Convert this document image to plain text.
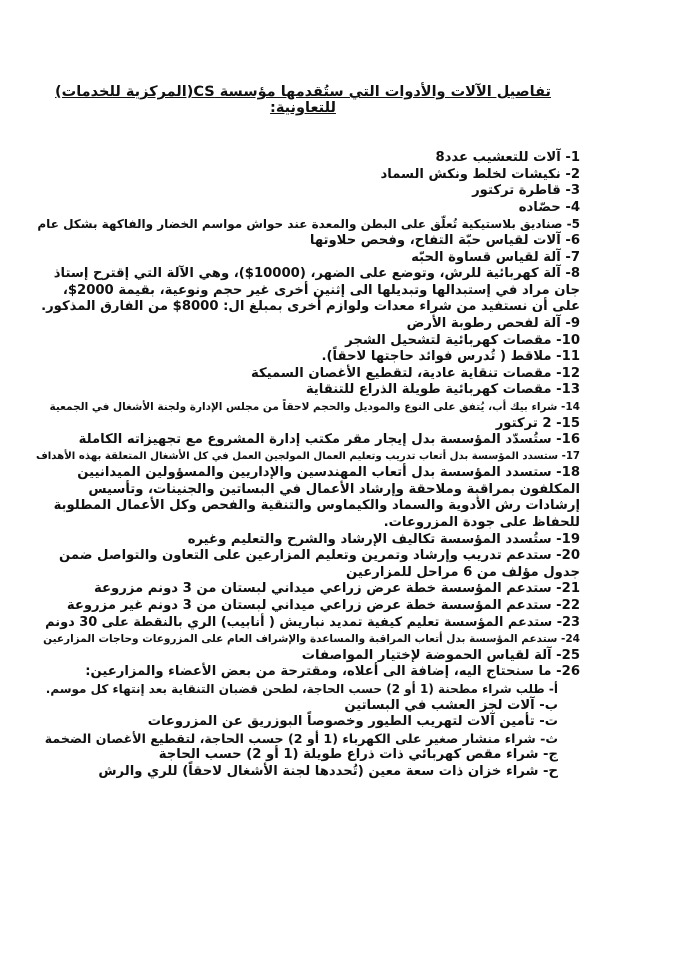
تفاصيل الآلات والأدوات التي ستُقدمها مؤسسة CS(المركزية للخدمات) للتعاونية:
1- آلات للتعشيب عدد8
2- نكيشات لخلط ونكش السماد
3- قاطرة تركتور
4- حصّاده
5- صناديق بلاستيكية تُعلّق على البطن والمعدة عند حواش مواسم الخضار والفاكهة بشكل عام
6- آلات لقياس حبّة التفاح، وفحص حلاوتها
7- آلة لقياس قساوة الحبّه
8- آلة كهربائية للرش، وتوضع على الضهر، (10000$)، وهي الآلة التي إقترح إستاذ جان مراد في إستبدالها وتبديلها الى إثنين أخرى غير حجم ونوعية، بقيمة 2000$، على أن نستفيد من شراء معدات ولوازم أخرى بمبلغ ال: 8000$ من الفارق المذكور.
9- آلة لفحص رطوبة الأرض
10- مقصات كهربائية لتشحيل الشجر
11- ملاقط ( تُدرس فوائد حاجتها لاحقاً).
12- مقصات تنقاية عادية، لتقطيع الأغصان السميكة
13- مقصات كهربائية طويلة الذراع للتنقاية
14- شراء بيك أب، يُتفق على النوع والموديل والحجم لاحقاً من مجلس الإدارة ولجنة الأشغال في الجمعية
15- 2 تركتور
16- ستُسدّد المؤسسة بدل إيجار مقر مكتب إدارة المشروع مع تجهيزاته الكاملة
17- ستسدد المؤسسة بدل أتعاب تدريب وتعليم العمال المولجين العمل في كل الأشغال المتعلقة بهذه الأهداف
18- ستسدد المؤسسة بدل أتعاب المهندسين والإداريين والمسؤولين الميدانيين المكلفون بمراقبة وملاحقة وإرشاد الأعمال في البساتين والجنينات، وتأسيس إرشادات رش الأدوية والسماد والكيماوس والتنقية والفحص وكل الأعمال المطلوبة للحفاظ على جودة المزروعات.
19- ستُسدد المؤسسة تكاليف الإرشاد والشرح والتعليم وغيره
20- ستدعم تدريب وإرشاد وتمرين وتعليم المزارعين على التعاون والتواصل ضمن جدول مؤلف من 6 مراحل للمزارعين
21- ستدعم المؤسسة خطة عرض زراعي ميداني لبستان من 3 دونم مزروعة
22- ستدعم المؤسسة خطة عرض زراعي ميداني لبستان من 3 دونم غير مزروعة
23- ستدعم المؤسسة تعليم كيفية تمديد نباريش ( أنابيب) الري بالنقطة على 30 دونم
24- ستدعم المؤسسة بدل أتعاب المراقبة والمساعدة والإشراف العام على المزروعات وحاجات المزارعين
25- آلة لقياس الحموضة لإختيار المواصفات
26- ما سنحتاج اليه، إضافة الى أعلاه، ومقترحة من بعض الأعضاء والمزارعين:
أ- طلب شراء مطحنة (1 أو 2) حسب الحاجة، لطحن قضبان التنقاية بعد إنتهاء كل موسم.
ب- آلات لجز العشب في البساتين
ت- تأمين آلات لتهريب الطيور وخصوصاً البوزريق عن المزروعات
ث- شراء منشار صغير على الكهرباء (1 أو 2) حسب الحاجة، لتقطيع الأغصان الضخمة
ج- شراء مقص كهربائي ذات ذراع طويلة (1 أو 2) حسب الحاجة
ح- شراء خزان ذات سعة معين (تُحددها لجنة الأشغال لاحقاً) للري والرش
